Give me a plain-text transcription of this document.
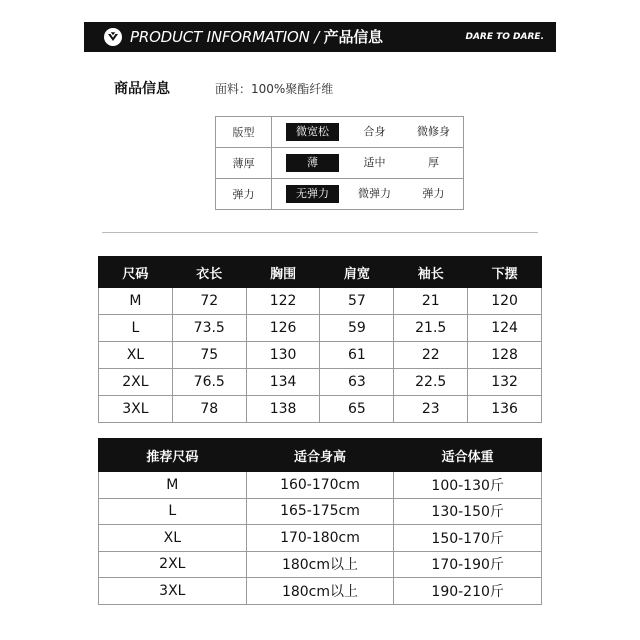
PRODUCT INFORMATION / 产品信息	DARE TO DARE.
商品信息	面料：100%聚酯纤维
版型	微宽松 合身 微修身

薄厚	薄 适中 厚

弹力	无弹力 微弹力 弹力
尺码	衣长	胸围	肩宽	袖长	下摆
M	72	122	57	21	120
L	73.5	126	59	21.5	124
XL	75	130	61	22	128
2XL	76.5	134	63	22.5	132
3XL	78	138	65	23	136
推荐尺码	适合身高	适合体重
M	160-170cm	100-130斤
L	165-175cm	130-150斤
XL	170-180cm	150-170斤
2XL	180cm以上	170-190斤
3XL	180cm以上	190-210斤
